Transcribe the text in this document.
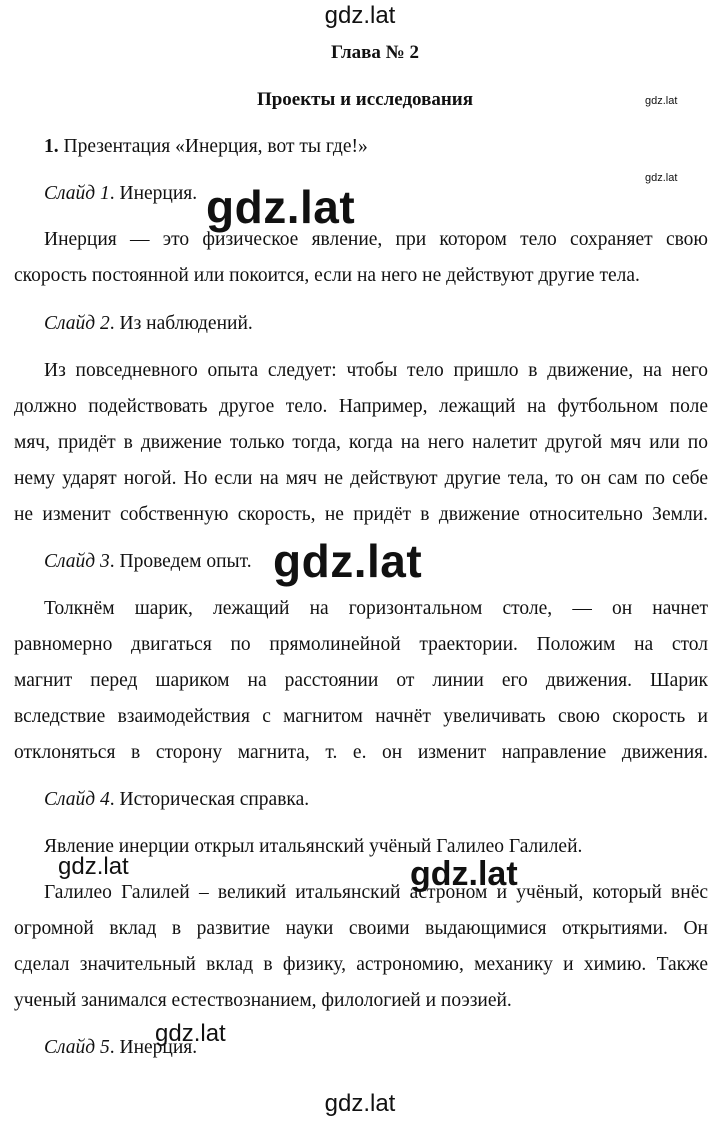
gdz.lat
gdz.lat
gdz.lat
Глава № 2
Проекты и исследования
1. Презентация «Инерция, вот ты где!»
Слайд 1. Инерция.
Инерция — это физическое явление, при котором тело сохраняет свою
скорость постоянной или покоится, если на него не действуют другие тела.
Слайд 2. Из наблюдений.
Из повседневного опыта следует: чтобы тело пришло в движение, на него
должно подействовать другое тело. Например, лежащий на футбольном поле
мяч, придёт в движение только тогда, когда на него налетит другой мяч или по
нему ударят ногой. Но если на мяч не действуют другие тела, то он сам по себе
не изменит собственную скорость, не придёт в движение относительно Земли.
Слайд 3. Проведем опыт.
Толкнём шарик, лежащий на горизонтальном столе, — он начнет
равномерно двигаться по прямолинейной траектории. Положим на стол
магнит перед шариком на расстоянии от линии его движения. Шарик
вследствие взаимодействия с магнитом начнёт увеличивать свою скорость и
отклоняться в сторону магнита, т. е. он изменит направление движения.
Слайд 4. Историческая справка.
Явление инерции открыл итальянский учёный Галилео Галилей.
Галилео Галилей – великий итальянский астроном и учёный, который внёс
огромной вклад в развитие науки своими выдающимися открытиями. Он
сделал значительный вклад в физику, астрономию, механику и химию. Также
ученый занимался естествознанием, филологией и поэзией.
Слайд 5. Инерция.
gdz.lat
gdz.lat
gdz.lat	gdz.lat
gdz.lat
gdz.lat
